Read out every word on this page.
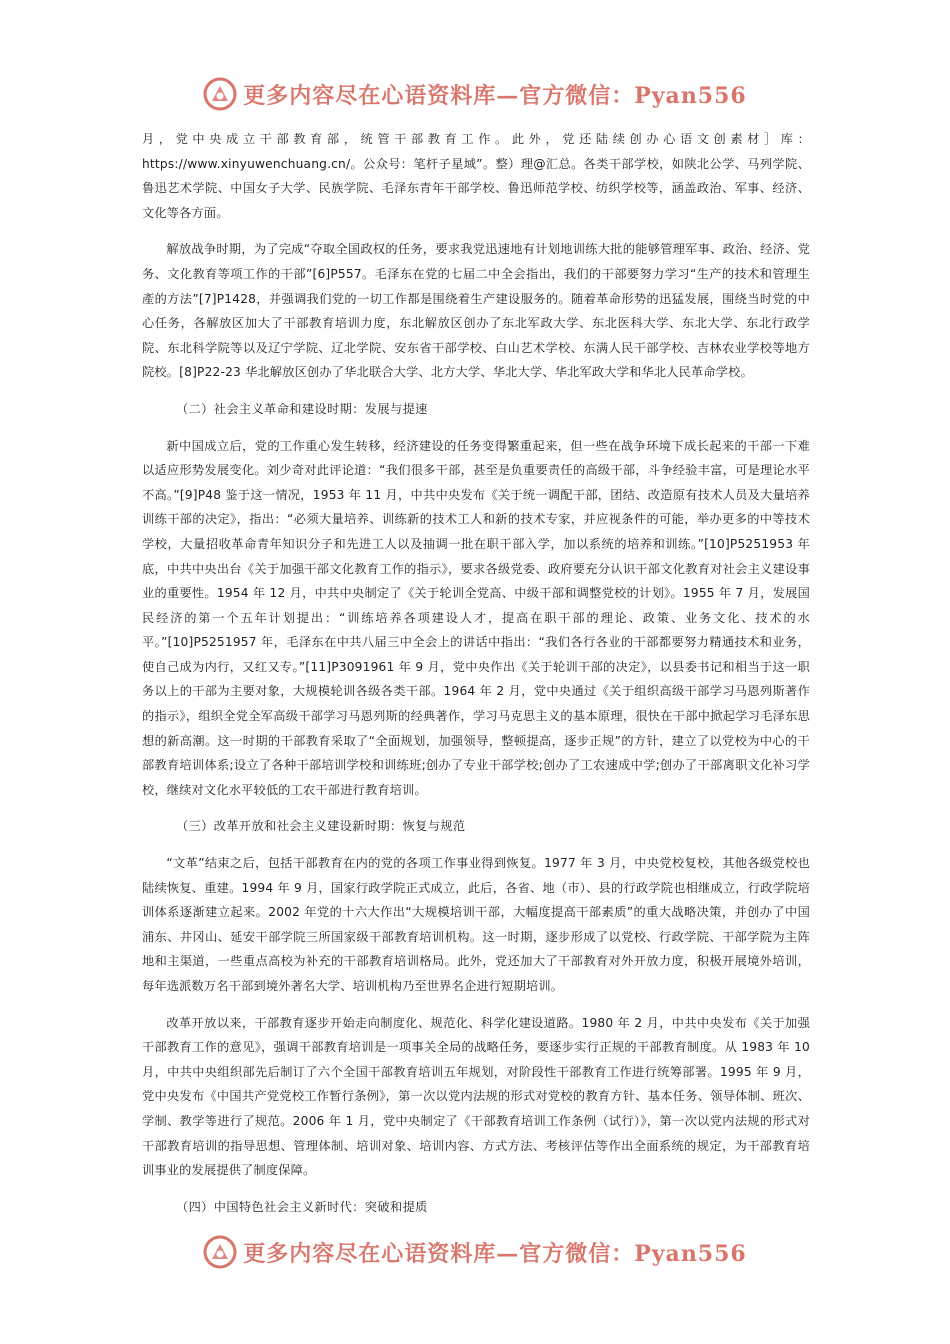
更多内容尽在心语资料库—官方微信：Pyan556

月，党中央成立干部教育部，统管干部教育工作。此外，党还陆续创办心语文创素材］库：https://www.xinyuwenchuang.cn/。公众号：笔杆子星域”。整）理@汇总。各类干部学校，如陕北公学、马列学院、鲁迅艺术学院、中国女子大学、民族学院、毛泽东青年干部学校、鲁迅师范学校、纺织学校等，涵盖政治、军事、经济、文化等各方面。

解放战争时期，为了完成“夺取全国政权的任务，要求我党迅速地有计划地训练大批的能够管理军事、政治、经济、党务、文化教育等项工作的干部”[6]P557。毛泽东在党的七届二中全会指出，我们的干部要努力学习“生产的技术和管理生產的方法”[7]P1428，并强调我们党的一切工作都是围绕着生产建设服务的。随着革命形势的迅猛发展，围绕当时党的中心任务，各解放区加大了干部教育培训力度，东北解放区创办了东北军政大学、东北医科大学、东北大学、东北行政学院、东北科学院等以及辽宁学院、辽北学院、安东省干部学校、白山艺术学校、东满人民干部学校、吉林农业学校等地方院校。[8]P22-23 华北解放区创办了华北联合大学、北方大学、华北大学、华北军政大学和华北人民革命学校。

（二）社会主义革命和建设时期：发展与提速

新中国成立后，党的工作重心发生转移，经济建设的任务变得繁重起来，但一些在战争环境下成长起来的干部一下难以适应形势发展变化。刘少奇对此评论道：“我们很多干部，甚至是负重要责任的高级干部，斗争经验丰富，可是理论水平不高。”[9]P48 鉴于这一情况，1953 年 11 月，中共中央发布《关于统一调配干部，团结、改造原有技术人员及大量培养训练干部的决定》，指出：“必须大量培养、训练新的技术工人和新的技术专家，并应视条件的可能，举办更多的中等技术学校，大量招收革命青年知识分子和先进工人以及抽调一批在职干部入学，加以系统的培养和训练。”[10]P5251953 年底，中共中央出台《关于加强干部文化教育工作的指示》，要求各级党委、政府要充分认识干部文化教育对社会主义建设事业的重要性。1954 年 12 月，中共中央制定了《关于轮训全党高、中级干部和调整党校的计划》。1955 年 7 月，发展国民经济的第一个五年计划提出：“训练培养各项建设人才，提高在职干部的理论、政策、业务文化、技术的水平。”[10]P5251957 年，毛泽东在中共八届三中全会上的讲话中指出：“我们各行各业的干部都要努力精通技术和业务，使自己成为内行，又红又专。”[11]P3091961 年 9 月，党中央作出《关于轮训干部的决定》，以县委书记和相当于这一职务以上的干部为主要对象，大规模轮训各级各类干部。1964 年 2 月，党中央通过《关于组织高级干部学习马恩列斯著作的指示》，组织全党全军高级干部学习马恩列斯的经典著作，学习马克思主义的基本原理，很快在干部中掀起学习毛泽东思想的新高潮。这一时期的干部教育采取了“全面规划，加强领导，整顿提高，逐步正规”的方针，建立了以党校为中心的干部教育培训体系;设立了各种干部培训学校和训练班;创办了专业干部学校;创办了工农速成中学;创办了干部离职文化补习学校，继续对文化水平较低的工农干部进行教育培训。

（三）改革开放和社会主义建设新时期：恢复与规范

“文革”结束之后，包括干部教育在内的党的各项工作事业得到恢复。1977 年 3 月，中央党校复校，其他各级党校也陆续恢复、重建。1994 年 9 月，国家行政学院正式成立，此后，各省、地（市）、县的行政学院也相继成立，行政学院培训体系逐渐建立起来。2002 年党的十六大作出“大规模培训干部，大幅度提高干部素质”的重大战略决策，并创办了中国浦东、井冈山、延安干部学院三所国家级干部教育培训机构。这一时期，逐步形成了以党校、行政学院、干部学院为主阵地和主渠道，一些重点高校为补充的干部教育培训格局。此外，党还加大了干部教育对外开放力度，积极开展境外培训，每年选派数万名干部到境外著名大学、培训机构乃至世界名企进行短期培训。

改革开放以来，干部教育逐步开始走向制度化、规范化、科学化建设道路。1980 年 2 月，中共中央发布《关于加强干部教育工作的意见》，强调干部教育培训是一项事关全局的战略任务，要逐步实行正规的干部教育制度。从 1983 年 10 月，中共中央组织部先后制订了六个全国干部教育培训五年规划，对阶段性干部教育工作进行统筹部署。1995 年 9 月，党中央发布《中国共产党党校工作暂行条例》，第一次以党内法规的形式对党校的教育方针、基本任务、领导体制、班次、学制、教学等进行了规范。2006 年 1 月，党中央制定了《干部教育培训工作条例（试行）》，第一次以党内法规的形式对干部教育培训的指导思想、管理体制、培训对象、培训内容、方式方法、考核评估等作出全面系统的规定，为干部教育培训事业的发展提供了制度保障。

（四）中国特色社会主义新时代：突破和提质

更多内容尽在心语资料库—官方微信：Pyan556
